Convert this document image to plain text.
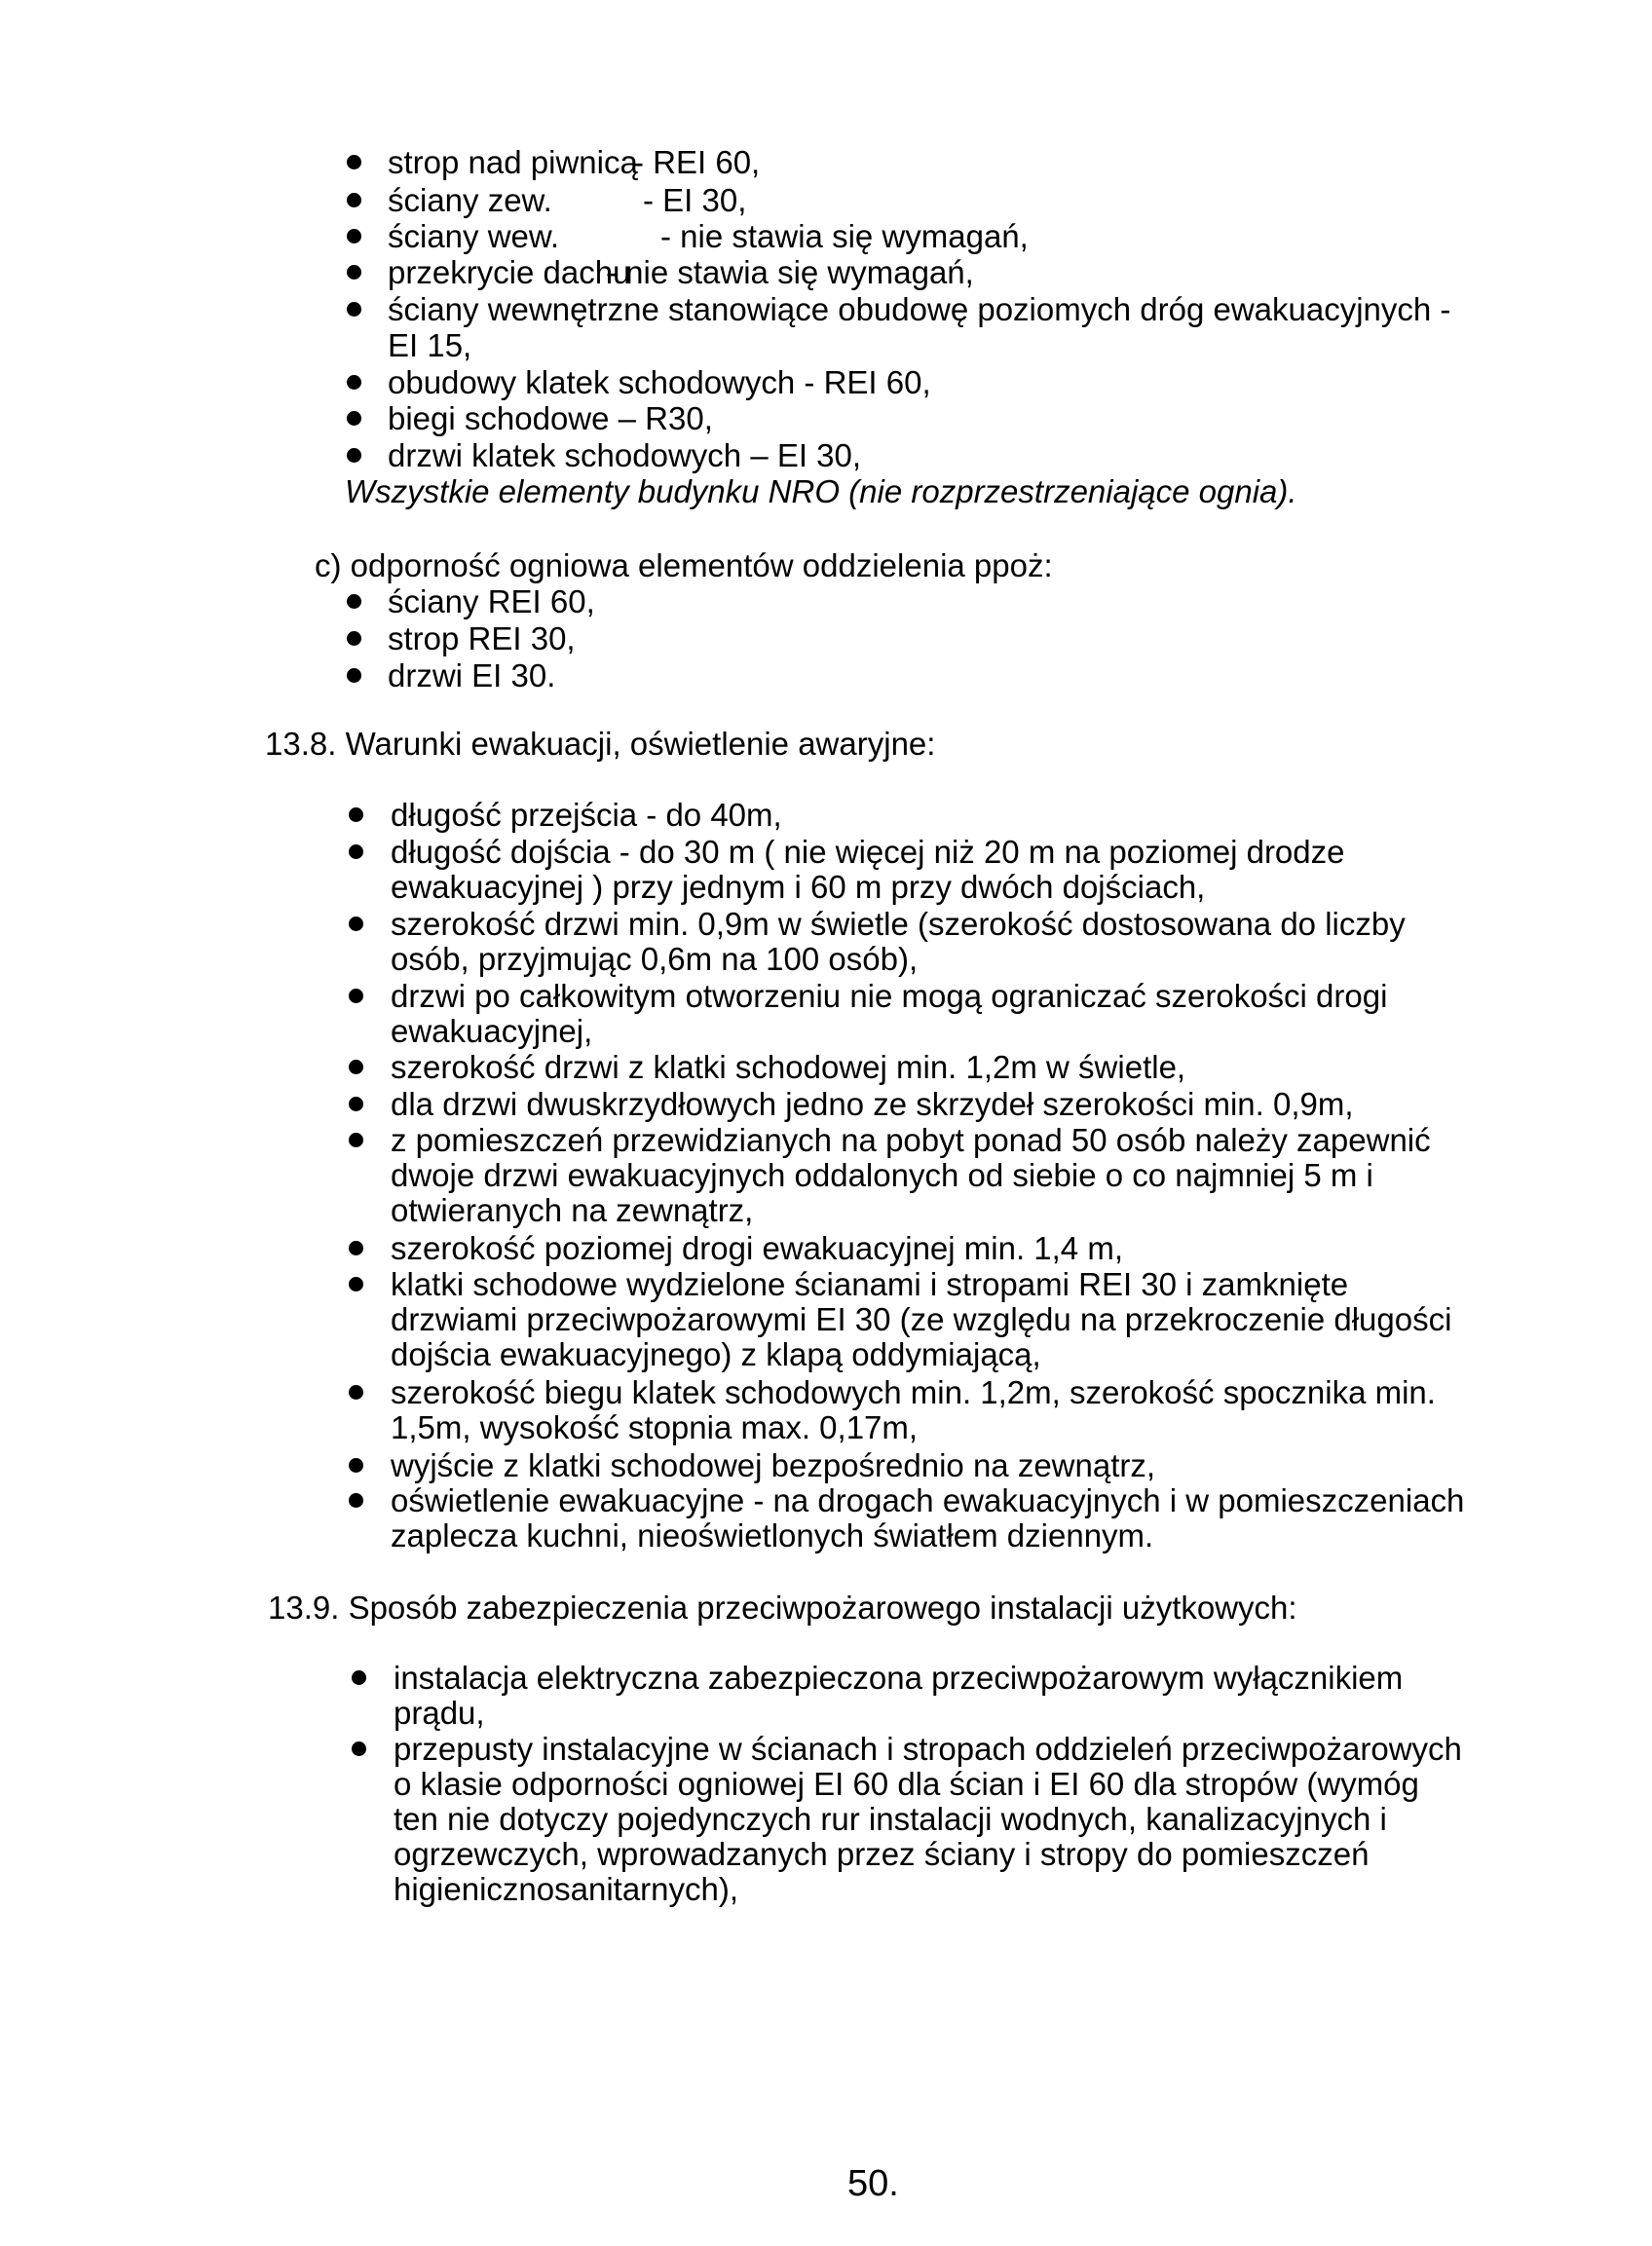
strop nad piwnicą
- REI 60,
ściany zew.	- EI 30,
ściany wew.	- nie stawia się wymagań,
przekrycie dachu
- nie stawia się wymagań,
ściany wewnętrzne stanowiące obudowę poziomych dróg ewakuacyjnych -
EI 15,
obudowy klatek schodowych - REI 60,
biegi schodowe – R30,
drzwi klatek schodowych – EI 30,
Wszystkie elementy budynku NRO (nie rozprzestrzeniające ognia).
c) odporność ogniowa elementów oddzielenia ppoż:
ściany REI 60,
strop REI 30,
drzwi EI 30.
13.8. Warunki ewakuacji, oświetlenie awaryjne:
długość przejścia - do 40m,
długość dojścia - do 30 m ( nie więcej niż 20 m na poziomej drodze
ewakuacyjnej ) przy jednym i 60 m przy dwóch dojściach,
szerokość drzwi min. 0,9m w świetle (szerokość dostosowana do liczby
osób, przyjmując 0,6m na 100 osób),
drzwi po całkowitym otworzeniu nie mogą ograniczać szerokości drogi
ewakuacyjnej,
szerokość drzwi z klatki schodowej min. 1,2m w świetle,
dla drzwi dwuskrzydłowych jedno ze skrzydeł szerokości min. 0,9m,
z pomieszczeń przewidzianych na pobyt ponad 50 osób należy zapewnić
dwoje drzwi ewakuacyjnych oddalonych od siebie o co najmniej 5 m i
otwieranych na zewnątrz,
szerokość poziomej drogi ewakuacyjnej min. 1,4 m,
klatki schodowe wydzielone ścianami i stropami REI 30 i zamknięte
drzwiami przeciwpożarowymi EI 30 (ze względu na przekroczenie długości
dojścia ewakuacyjnego) z klapą oddymiającą,
szerokość biegu klatek schodowych min. 1,2m, szerokość spocznika min.
1,5m, wysokość stopnia max. 0,17m,
wyjście z klatki schodowej bezpośrednio na zewnątrz,
oświetlenie ewakuacyjne - na drogach ewakuacyjnych i w pomieszczeniach
zaplecza kuchni, nieoświetlonych światłem dziennym.
13.9. Sposób zabezpieczenia przeciwpożarowego instalacji użytkowych:
instalacja elektryczna zabezpieczona przeciwpożarowym wyłącznikiem
prądu,
przepusty instalacyjne w ścianach i stropach oddzieleń przeciwpożarowych
o klasie odporności ogniowej EI 60 dla ścian i EI 60 dla stropów (wymóg
ten nie dotyczy pojedynczych rur instalacji wodnych, kanalizacyjnych i
ogrzewczych, wprowadzanych przez ściany i stropy do pomieszczeń
higienicznosanitarnych),
50.
